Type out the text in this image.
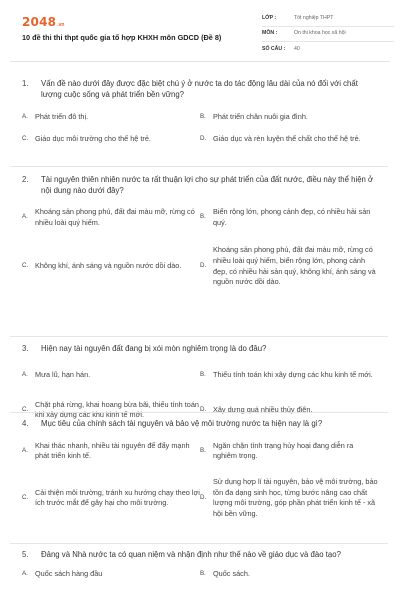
2048 .vn
10 đề thi thi thpt quốc gia tổ hợp KHXH môn GDCD (Đề 8)
LỚP :	Tốt nghiệp THPT
MÔN :	Ôn thi khoa học xã hội
SỐ CÂU :	40
1. Vấn đề nào dưới đây được đặc biệt chú ý ở nước ta do tác động lâu dài của nó đối với chất lượng cuộc sống và phát triển bền vững?
A. Phát triển đô thị.	B. Phát triển chăn nuôi gia đình.
C. Giáo dục môi trường cho thế hệ trẻ.	D. Giáo dục và rèn luyện thể chất cho thế hệ trẻ.
2. Tài nguyên thiên nhiên nước ta rất thuận lợi cho sự phát triển của đất nước, điều này thể hiện ở nội dung nào dưới đây?
A.
Khoáng sản phong phú, đất đai màu mỡ, rừng có nhiều loài quý hiếm.
B.
Biển rộng lớn, phong cảnh đẹp, có nhiều hải sản quý.
C. Không khí, ánh sáng và nguồn nước dồi dào.	D.
Khoáng sản phong phú, đất đai màu mỡ, rừng có nhiều loài quý hiếm, biển rộng lớn, phong cảnh đẹp, có nhiều hải sản quý, không khí, ánh sáng và nguồn nước dồi dào.
3. Hiện nay tài nguyên đất đang bị xói mòn nghiêm trọng là do đâu?
A. Mưa lũ, hạn hán.	B. Thiếu tính toán khi xây dựng các khu kinh tế mới.
C.
Chặt phá rừng, khai hoang bừa bãi, thiếu tính toán khi xây dựng các khu kinh tế mới.
D. Xây dựng quá nhiều thủy điện.
4. Mục tiêu của chính sách tài nguyên và bảo vệ môi trường nước ta hiện nay là gì?
A.
Khai thác nhanh, nhiều tài nguyên để đẩy mạnh phát triển kinh tế.
B.
Ngăn chặn tình trạng hủy hoại đang diễn ra nghiêm trọng.
C.
Cải thiện môi trường, tránh xu hướng chạy theo lợi ích trước mắt để gây hại cho môi trường.
D.
Sử dụng hợp lí tài nguyên, bảo vệ môi trường, bảo tồn đa dạng sinh học, từng bước nâng cao chất lượng môi trường, góp phần phát triển kinh tế - xã hội bền vững.
5. Đảng và Nhà nước ta có quan niệm và nhận định như thế nào về giáo dục và đào tạo?
A. Quốc sách hàng đầu	B. Quốc sách.
